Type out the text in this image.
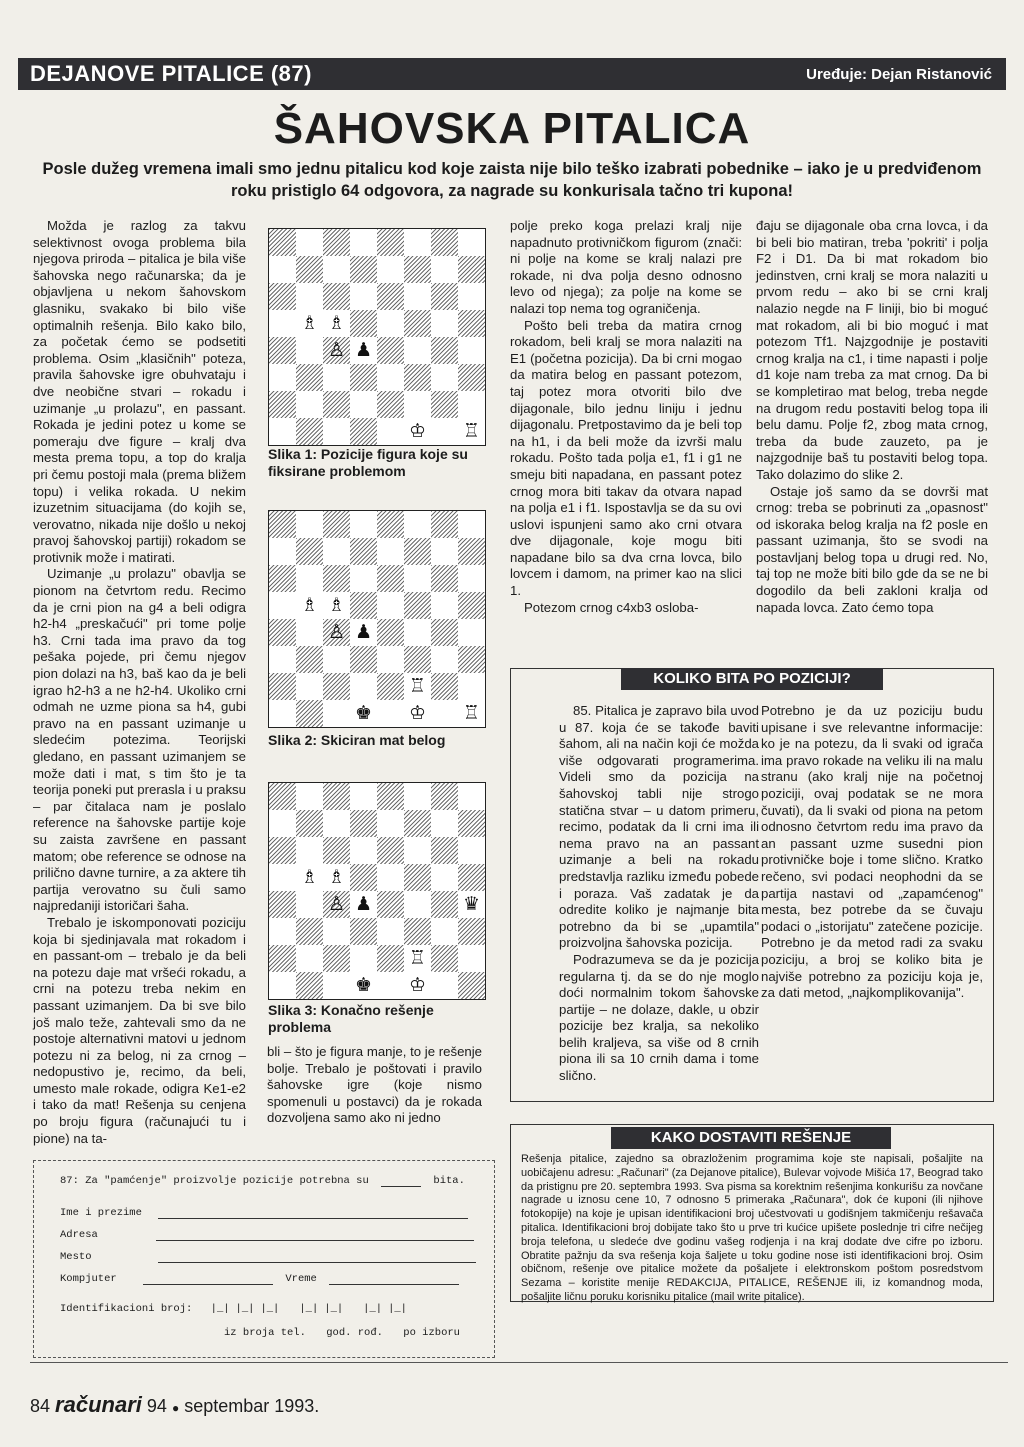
DEJANOVE PITALICE (87)	Uređuje: Dejan Ristanović
ŠAHOVSKA PITALICA
Posle dužeg vremena imali smo jednu pitalicu kod koje zaista nije bilo teško izabrati pobednike – iako je u predviđenom roku pristiglo 64 odgovora, za nagrade su konkurisala tačno tri kupona!

Možda je razlog za takvu selektivnost ovoga problema bila njegova priroda – pitalica je bila više šahovska nego računarska; da je objavljena u nekom šahovskom glasniku, svakako bi bilo više optimalnih rešenja. Bilo kako bilo, za početak ćemo se podsetiti problema. Osim „klasičnih" poteza, pravila šahovske igre obuhvataju i dve neobične stvari – rokadu i uzimanje „u prolazu", en passant. Rokada je jedini potez u kome se pomeraju dve figure – kralj dva mesta prema topu, a top do kralja pri čemu postoji mala (prema bližem topu) i velika rokada. U nekim izuzetnim situacijama (do kojih se, verovatno, nikada nije došlo u nekoj pravoj šahovskoj partiji) rokadom se protivnik može i matirati.

Uzimanje „u prolazu" obavlja se pionom na četvrtom redu. Recimo da je crni pion na g4 a beli odigra h2-h4 „preskačući" pri tome polje h3. Crni tada ima pravo da tog pešaka pojede, pri čemu njegov pion dolazi na h3, baš kao da je beli igrao h2-h3 a ne h2-h4. Ukoliko crni odmah ne uzme piona sa h4, gubi pravo na en passant uzimanje u sledećim potezima. Teorijski gledano, en passant uzimanjem se može dati i mat, s tim što je ta teorija poneki put prerasla i u praksu – par čitalaca nam je poslalo reference na šahovske partije koje su zaista završene en passant matom; obe reference se odnose na prilično davne turnire, a za aktere tih partija verovatno su čuli samo najpredaniji istoričari šaha.

Trebalo je iskomponovati poziciju koja bi sjedinjavala mat rokadom i en passant-om – trebalo je da beli na potezu daje mat vršeći rokadu, a crni na potezu treba nekim en passant uzimanjem. Da bi sve bilo još malo teže, zahtevali smo da ne postoje alternativni matovi u jednom potezu ni za belog, ni za crnog – nedopustivo je, recimo, da beli, umesto male rokade, odigra Ke1-e2 i tako da mat! Rešenja su cenjena po broju figura (računajući tu i pione) na ta-

♗ ♗
♙ ♟
♔ ♖
Slika 1: Pozicije figura koje su fiksirane problemom
♗ ♗
♙ ♟
♖
♚ ♔ ♖
Slika 2: Skiciran mat belog
♗ ♗
♙ ♟	♛
♖
♚ ♔
Slika 3: Konačno rešenje problema

bli – što je figura manje, to je rešenje bolje. Trebalo je poštovati i pravilo šahovske igre (koje nismo spomenuli u postavci) da je rokada dozvoljena samo ako ni jedno

polje preko koga prelazi kralj nije napadnuto protivničkom figurom (znači: ni polje na kome se kralj nalazi pre rokade, ni dva polja desno odnosno levo od njega); za polje na kome se nalazi top nema tog ograničenja.

Pošto beli treba da matira crnog rokadom, beli kralj se mora nalaziti na E1 (početna pozicija). Da bi crni mogao da matira belog en passant potezom, taj potez mora otvoriti bilo dve dijagonale, bilo jednu liniju i jednu dijagonalu. Pretpostavimo da je beli top na h1, i da beli može da izvrši malu rokadu. Pošto tada polja e1, f1 i g1 ne smeju biti napadana, en passant potez crnog mora biti takav da otvara napad na polja e1 i f1. Ispostavlja se da su ovi uslovi ispunjeni samo ako crni otvara dve dijagonale, koje mogu biti napadane bilo sa dva crna lovca, bilo lovcem i damom, na primer kao na slici 1.

Potezom crnog c4xb3 osloba-

đaju se dijagonale oba crna lovca, i da bi beli bio matiran, treba 'pokriti' i polja F2 i D1. Da bi mat rokadom bio jedinstven, crni kralj se mora nalaziti u prvom redu – ako bi se crni kralj nalazio negde na F liniji, bio bi moguć mat rokadom, ali bi bio moguć i mat potezom Tf1. Najzgodnije je postaviti crnog kralja na c1, i time napasti i polje d1 koje nam treba za mat crnog. Da bi se kompletirao mat belog, treba negde na drugom redu postaviti belog topa ili belu damu. Polje f2, zbog mata crnog, treba da bude zauzeto, pa je najzgodnije baš tu postaviti belog topa. Tako dolazimo do slike 2.

Ostaje još samo da se dovrši mat crnog: treba se pobrinuti za „opasnost" od iskoraka belog kralja na f2 posle en passant uzimanja, što se svodi na postavljanj belog topa u drugi red. No, taj top ne može biti bilo gde da se ne bi dogodilo da beli zakloni kralja od napada lovca. Zato ćemo topa

KOLIKO BITA PO POZICIJI?

85. Pitalica je zapravo bila uvod u 87. koja će se takođe baviti šahom, ali na način koji će možda više odgovarati programerima. Videli smo da pozicija na šahovskoj tabli nije strogo statična stvar – u datom primeru, recimo, podatak da li crni ima ili nema pravo na an passant uzimanje a beli na rokadu predstavlja razliku između pobede i poraza. Vaš zadatak je da odredite koliko je najmanje bita potrebno da bi se „upamtila" proizvoljna šahovska pozicija.

Podrazumeva se da je pozicija regularna tj. da se do nje moglo doći normalnim tokom šahovske partije – ne dolaze, dakle, u obzir pozicije bez kralja, sa nekoliko belih kraljeva, sa više od 8 crnih piona ili sa 10 crnih dama i tome slično.

Potrebno je da uz poziciju budu upisane i sve relevantne informacije: ko je na potezu, da li svaki od igrača ima pravo rokade na veliku ili na malu stranu (ako kralj nije na početnoj poziciji, ovaj podatak se ne mora čuvati), da li svaki od piona na petom odnosno četvrtom redu ima pravo da an passant uzme susedni pion protivničke boje i tome slično. Kratko rečeno, svi podaci neophodni da se partija nastavi od „zapamćenog" mesta, bez potrebe da se čuvaju podaci o „istorijatu" zatečene pozicije. Potrebno je da metod radi za svaku poziciju, a broj se koliko bita je najviše potrebno za poziciju koja je, za dati metod, „najkomplikovanija".

KAKO DOSTAVITI REŠENJE
Rešenja pitalice, zajedno sa obrazloženim programima koje ste napisali, pošaljite na uobičajenu adresu: „Računari" (za Dejanove pitalice), Bulevar vojvode Mišića 17, Beograd tako da pristignu pre 20. septembra 1993. Sva pisma sa korektnim rešenjima konkurišu za novčane nagrade u iznosu cene 10, 7 odnosno 5 primeraka „Računara", dok će kuponi (ili njihove fotokopije) na koje je upisan identifikacioni broj učestvovati u godišnjem takmičenju rešavača pitalica. Identifikacioni broj dobijate tako što u prve tri kućice upišete poslednje tri cifre nečijeg broja telefona, u sledeće dve godinu vašeg rodjenja i na kraj dodate dve cifre po izboru. Obratite pažnju da sva rešenja koja šaljete u toku godine nose isti identifikacioni broj. Osim običnom, rešenje ove pitalice možete da pošaljete i elektronskom poštom posredstvom Sezama – koristite menije REDAKCIJA, PITALICE, REŠENJE ili, iz komandnog moda, pošaljite ličnu poruku korisniku pitalice (mail write pitalice).
87: Za "pamćenje" proizvolje pozicije potrebna su	bita.
Ime i prezime
Adresa
Mesto
Kompjuter	Vreme
Identifikacioni broj: |_| |_| |_| |_| |_| |_| |_|
iz broja tel. god. rođ. po izboru
84 računari 94 ● septembar 1993.
